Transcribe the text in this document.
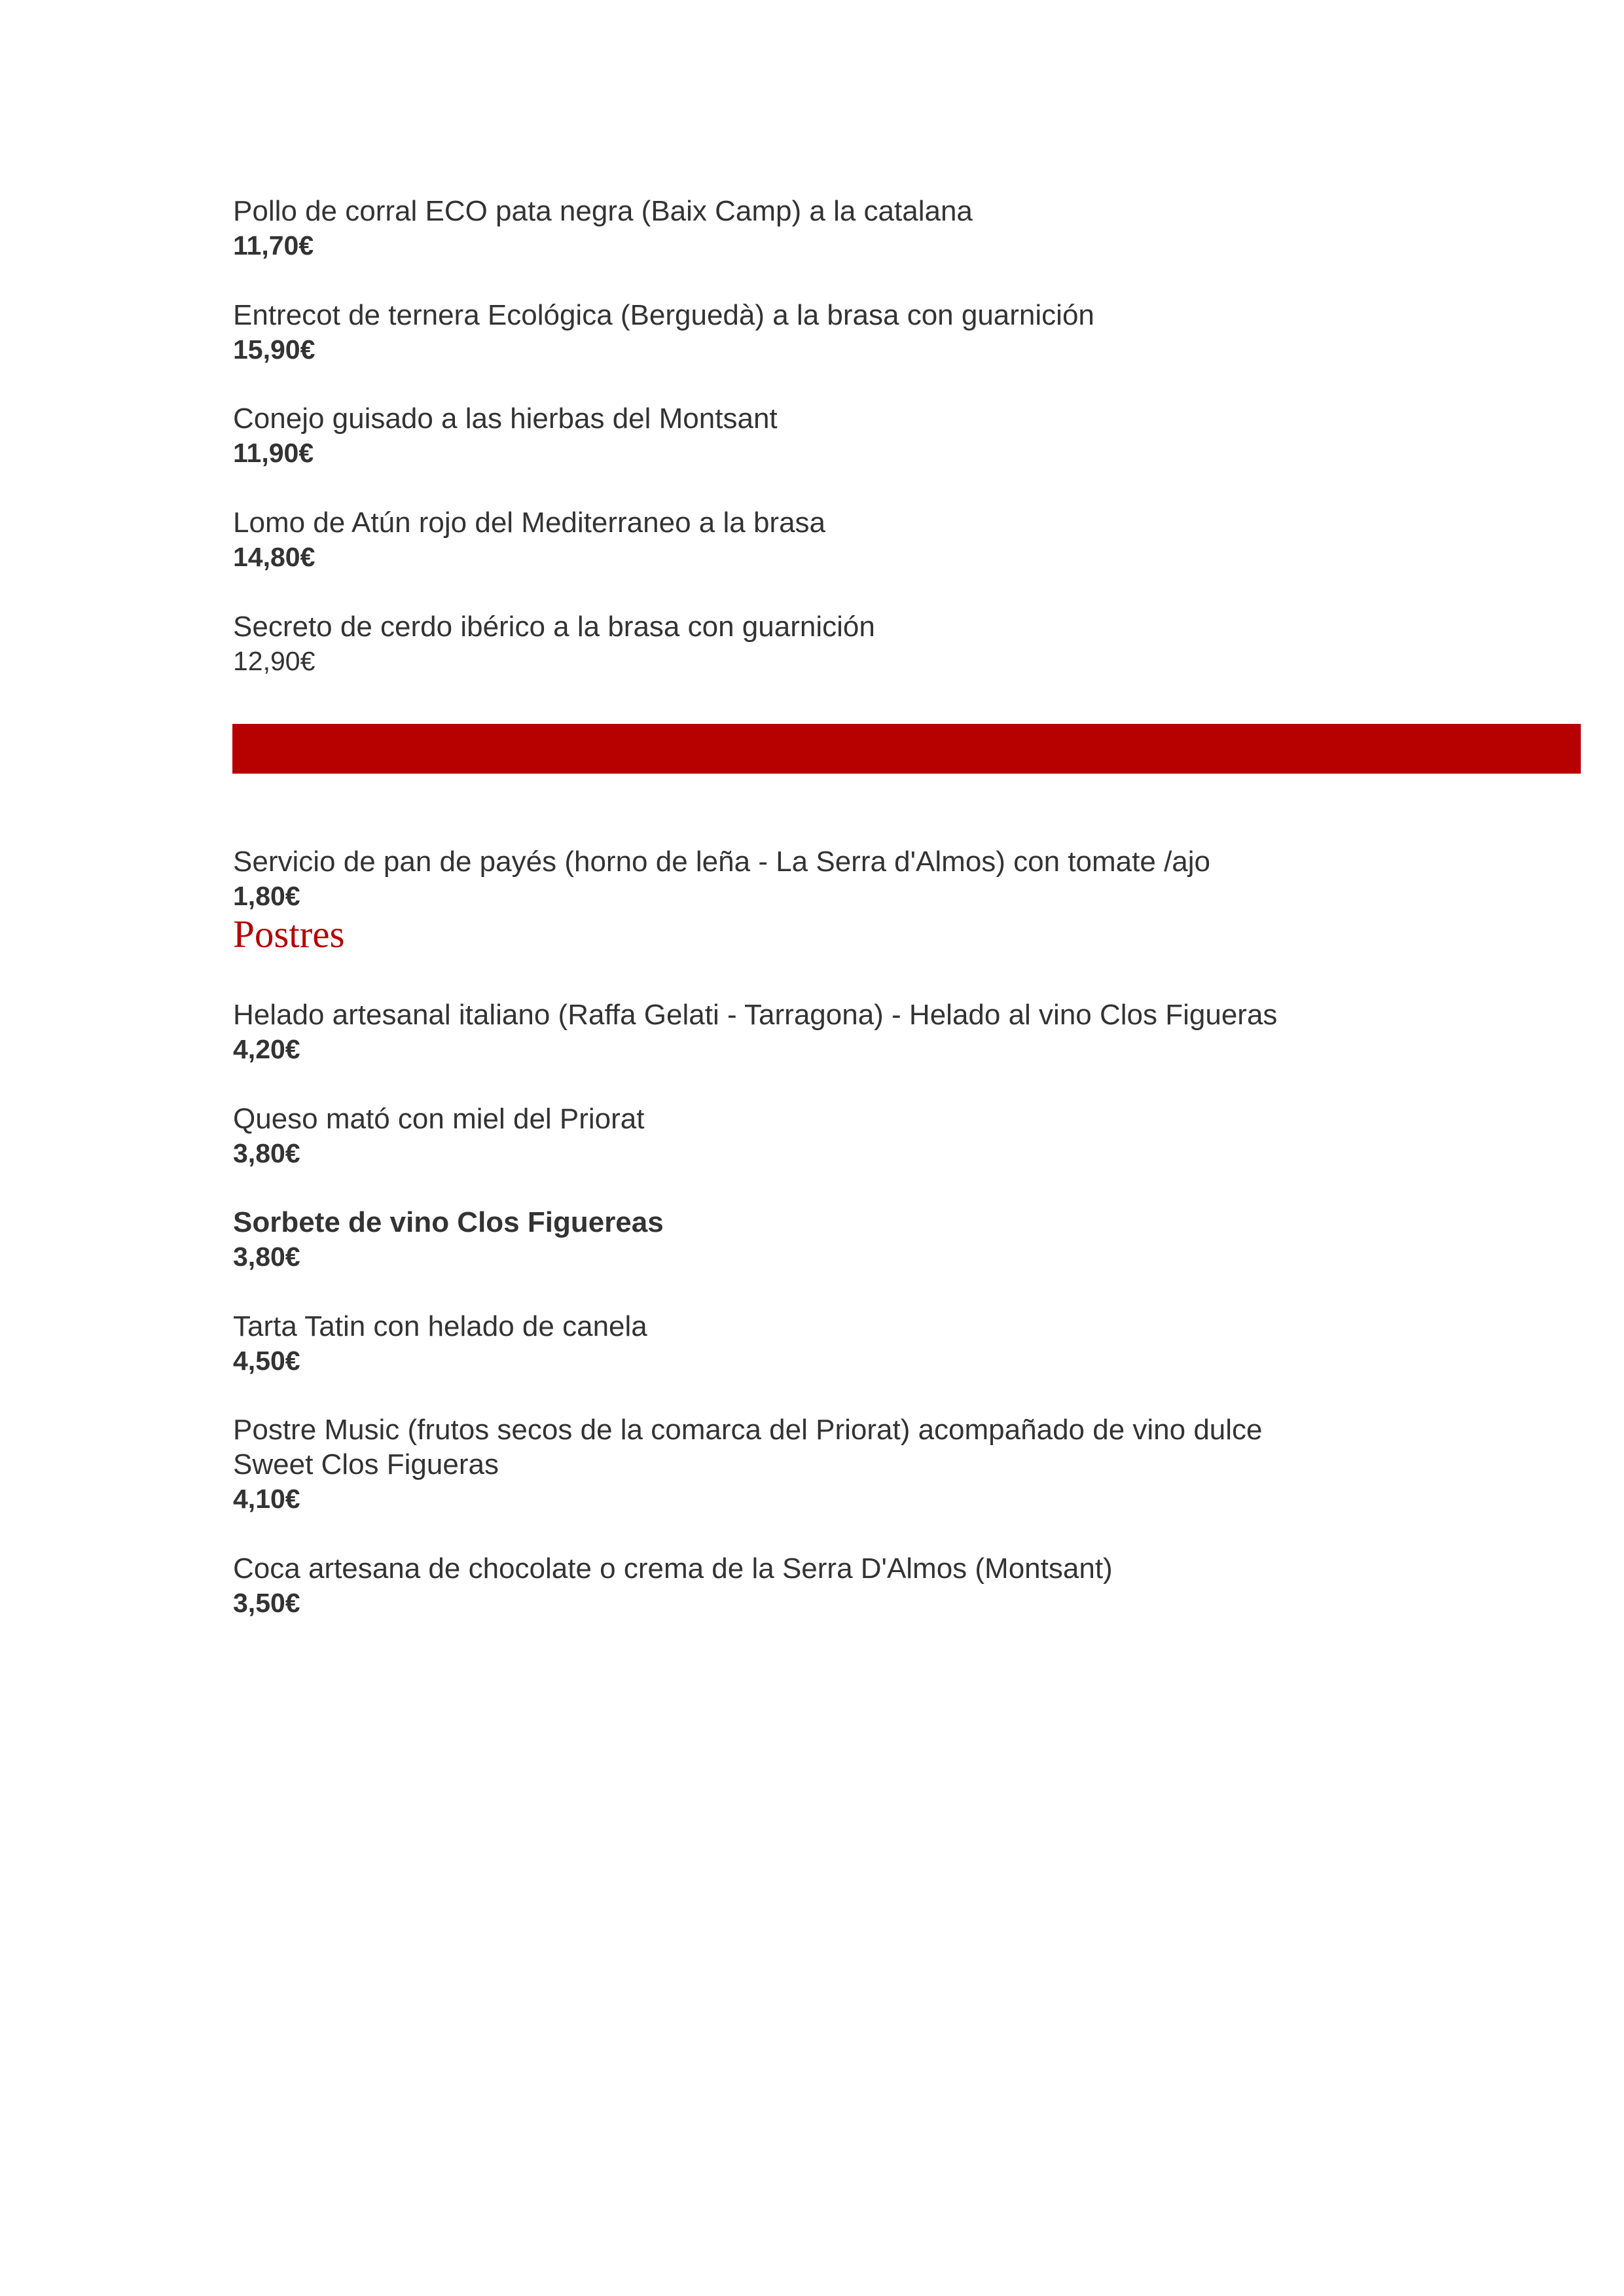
Pollo de corral ECO pata negra (Baix Camp) a la catalana
11,70€
Entrecot de ternera Ecológica (Berguedà) a la brasa con guarnición
15,90€
Conejo guisado a las hierbas del Montsant
11,90€
Lomo de Atún rojo del Mediterraneo a la brasa
14,80€
Secreto de cerdo ibérico a la brasa con guarnición
12,90€
Servicio de pan de payés (horno de leña - La Serra d'Almos) con tomate /ajo
1,80€
Helado artesanal italiano (Raffa Gelati - Tarragona) - Helado al vino Clos Figueras
4,20€
Queso mató con miel del Priorat
3,80€
Sorbete de vino Clos Figuereas
3,80€
Tarta Tatin con helado de canela
4,50€
Postre Music (frutos secos de la comarca del Priorat) acompañado de vino dulce
Sweet Clos Figueras
4,10€
Coca artesana de chocolate o crema de la Serra D'Almos (Montsant)
3,50€
Postres
